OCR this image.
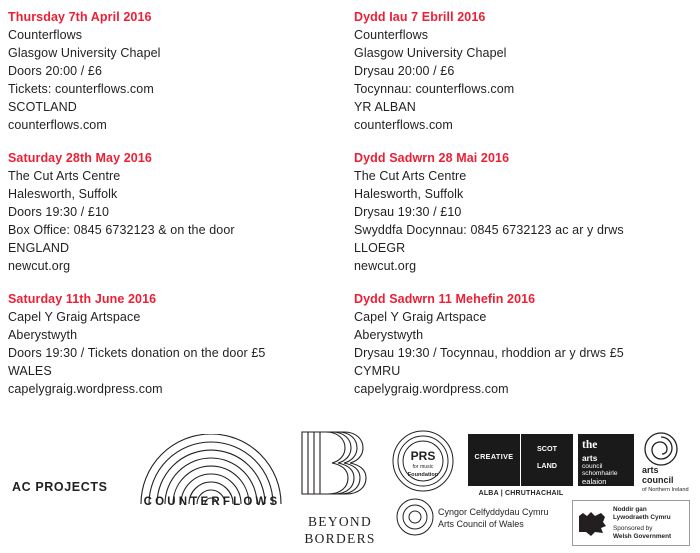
Thursday 7th April 2016
Counterflows
Glasgow University Chapel
Doors 20:00 / £6
Tickets: counterflows.com
SCOTLAND
counterflows.com
Saturday 28th May 2016
The Cut Arts Centre
Halesworth, Suffolk
Doors 19:30 / £10
Box Office: 0845 6732123 & on the door
ENGLAND
newcut.org
Saturday 11th June 2016
Capel Y Graig Artspace
Aberystwyth
Doors 19:30 / Tickets donation on the door £5
WALES
capelygraig.wordpress.com
Dydd Iau 7 Ebrill 2016
Counterflows
Glasgow University Chapel
Drysau 20:00 / £6
Tocynnau: counterflows.com
YR ALBAN
counterflows.com
Dydd Sadwrn 28 Mai 2016
The Cut Arts Centre
Halesworth, Suffolk
Drysau 19:30 / £10
Swyddfa Docynnau: 0845 6732123 ac ar y drws
LLOEGR
newcut.org
Dydd Sadwrn 11 Mehefin 2016
Capel Y Graig Artspace
Aberystwyth
Drysau 19:30 / Tocynnau, rhoddion ar y drws £5
CYMRU
capelygraig.wordpress.com
AC PROJECTS
COUNTERFLOWS
BEYOND
BORDERS
PRS
for music
Foundation
CREATIVE
SCOT
LAND
ALBA | CHRUTHACHAIL
the
arts
council
schomhairle
ealaion
arts
council
of Northern Ireland
Cyngor Celfyddydau Cymru
Arts Council of Wales
Noddir gan
Lywodraeth Cymru
Sponsored by
Welsh Government
